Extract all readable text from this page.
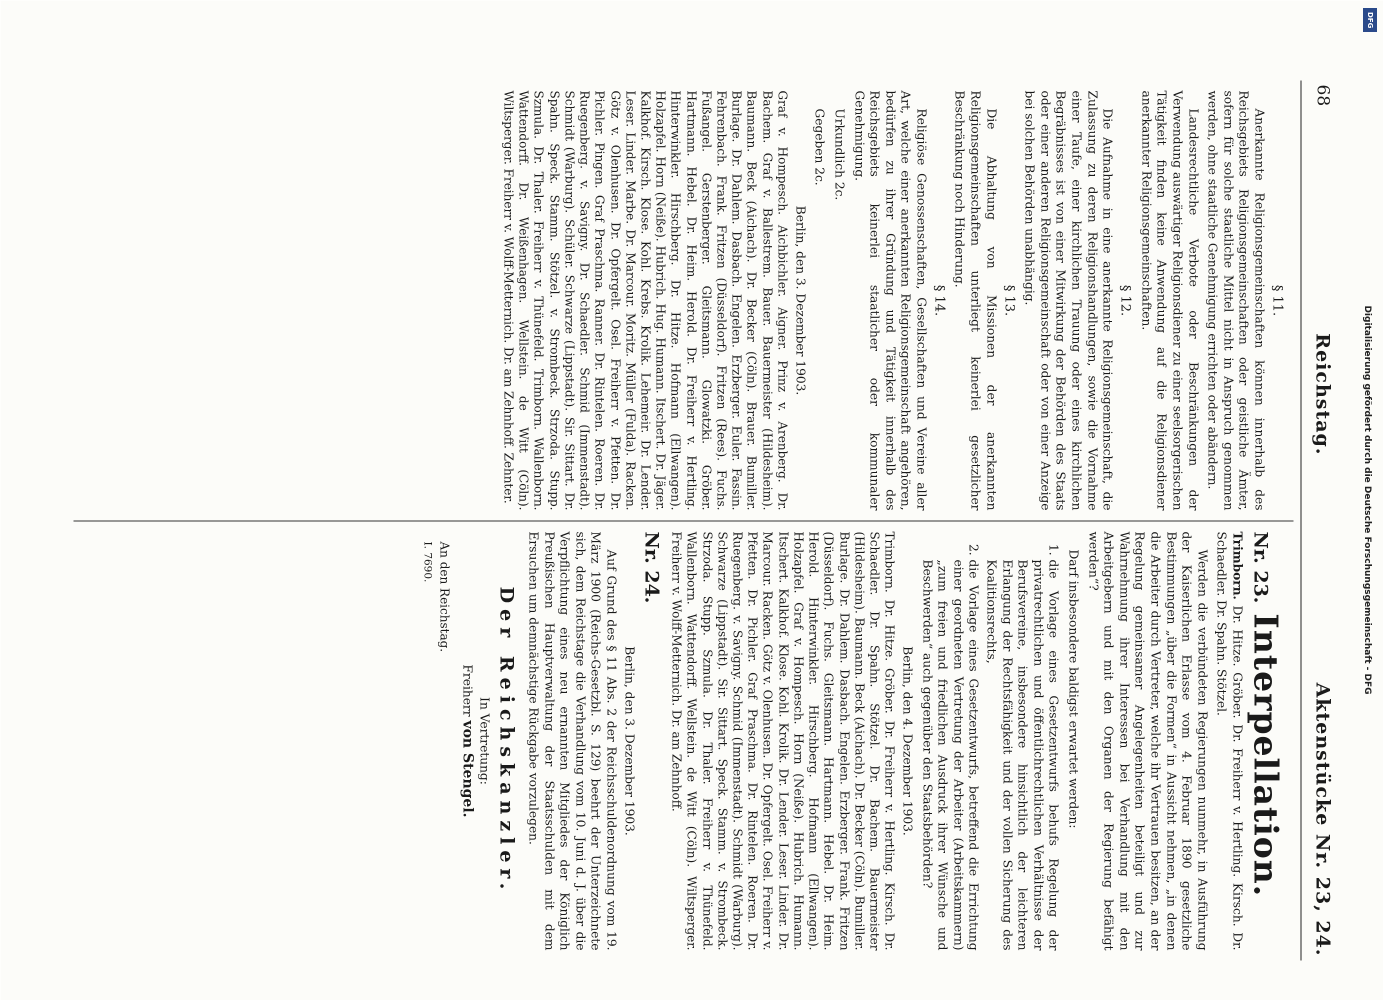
68
Reichstag.
Aktenstücke Nr. 23, 24.
§ 11.

Anerkannte Religionsgemeinschaften können innerhalb des Reichsgebiets Religionsgemeinschaften oder geistliche Ämter, sofern für solche staatliche Mittel nicht in Anspruch genommen werden, ohne staatliche Genehmigung errichten oder abändern.

Landesrechtliche Verbote oder Beschränkungen der Verwendung auswärtiger Religionsdiener zu einer seelsorgerischen Tätigkeit finden keine Anwendung auf die Religionsdiener anerkannter Religionsgemeinschaften.

§ 12.

Die Aufnahme in eine anerkannte Religionsgemeinschaft, die Zulassung zu deren Religionshandlungen, sowie die Vornahme einer Taufe, einer kirchlichen Trauung oder eines kirchlichen Begräbnisses ist von einer Mitwirkung der Behörden des Staats oder einer anderen Religionsgemeinschaft oder von einer Anzeige bei solchen Behörden unabhängig.

§ 13.

Die Abhaltung von Missionen der anerkannten Religionsgemeinschaften unterliegt keinerlei gesetzlicher Beschränkung noch Hinderung.

§ 14.

Religiöse Genossenschaften, Gesellschaften und Vereine aller Art, welche einer anerkannten Religionsgemeinschaft angehören, bedürfen zu ihrer Gründung und Tätigkeit innerhalb des Reichsgebiets keinerlei staatlicher oder kommunaler Genehmigung.

Urkundlich 2c.

Gegeben 2c.

Berlin, den 3. Dezember 1903.
Graf v. Hompesch. Aichbichler. Aigner. Prinz v. Arenberg. Dr. Bachem. Graf v. Ballestrem. Bauer. Bauermeister (Hildesheim). Baumann. Beck (Aichach). Dr. Becker (Cöln). Brauer. Bumiller. Burlage. Dr. Dahlem. Dasbach. Engelen. Erzberger. Euler. Fassin. Fehrenbach. Frank. Fritzen (Düsseldorf). Fritzen (Rees). Fuchs. Fußangel. Gerstenberger. Gleitsmann. Glowatzki. Gröber. Hartmann. Hebel. Dr. Heim. Herold. Dr. Freiherr v. Hertling. Hinterwinkler. Hirschberg. Dr. Hitze. Hofmann (Ellwangen). Holzapfel. Horn (Neiße). Hubrich. Hug. Humann. Itschert. Dr. Jäger. Kalkhof. Kirsch. Klose. Kohl. Krebs. Krolik. Lehemeir. Dr. Lender. Leser. Linder. Marbe. Dr. Marcour. Moritz. Müller (Fulda). Racken. Götz v. Olenhusen. Dr. Opfergelt. Osel. Freiherr v. Pfetten. Dr. Pichler. Pingen. Graf Praschma. Ranner. Dr. Rintelen. Roeren. Dr. Ruegenberg. v. Savigny. Dr. Schaedler. Schmid (Immenstadt). Schmidt (Warburg). Schüler. Schwarze (Lippstadt). Sir. Sittart. Dr. Spahn. Speck. Stamm. Stötzel. v. Strombeck. Strzoda. Stupp. Szmula. Dr. Thaler. Freiherr v. Thünefeld. Trimborn. Wallenborn. Wattendorff. Dr. Weißenhagen. Wellstein. de Witt (Cöln). Wiltsperger. Freiherr v. Wolff-Metternich. Dr. am Zehnhoff. Zehnter.
Nr. 23.
Interpellation.
Trimborn. Dr. Hitze. Gröber. Dr. Freiherr v. Hertling. Kirsch. Dr. Schaedler. Dr. Spahn. Stötzel.

Werden die verbündeten Regierungen nunmehr, in Ausführung der Kaiserlichen Erlasse vom 4. Februar 1890 gesetzliche Bestimmungen „über die Formen“ in Aussicht nehmen, „in denen die Arbeiter durch Vertreter, welche ihr Vertrauen besitzen, an der Regelung gemeinsamer Angelegenheiten beteiligt und zur Wahrnehmung ihrer Interessen bei Verhandlung mit den Arbeitgebern und mit den Organen der Regierung befähigt werden“?

Darf insbesondere baldigst erwartet werden:

1. die Vorlage eines Gesetzentwurfs behufs Regelung der privatrechtlichen und öffentlichrechtlichen Verhältnisse der Berufsvereine, insbesondere hinsichtlich der leichteren Erlangung der Rechtsfähigkeit und der vollen Sicherung des Koalitionsrechts,
2. die Vorlage eines Gesetzentwurfs, betreffend die Errichtung einer geordneten Vertretung der Arbeiter (Arbeitskammern) „zum freien und friedlichen Ausdruck ihrer Wünsche und Beschwerden“ auch gegenüber den Staatsbehörden?
Berlin, den 4. Dezember 1903.
Trimborn. Dr. Hitze. Gröber. Dr. Freiherr v. Hertling. Kirsch. Dr. Schaedler. Dr. Spahn. Stötzel. Dr. Bachem. Bauermeister (Hildesheim). Baumann. Beck (Aichach). Dr. Becker (Cöln). Bumiller. Burlage. Dr. Dahlem. Dasbach. Engelen. Erzberger. Frank. Fritzen (Düsseldorf). Fuchs. Gleitsmann. Hartmann. Hebel. Dr. Heim. Herold. Hinterwinkler. Hirschberg. Hofmann (Ellwangen). Holzapfel. Graf v. Hompesch. Horn (Neiße). Hubrich. Humann. Itschert. Kalkhof. Klose. Kohl. Krolik. Dr. Lender. Leser. Linder. Dr. Marcour. Racken. Götz v. Olenhusen. Dr. Opfergelt. Osel. Freiherr v. Pfetten. Dr. Pichler. Graf Praschma. Dr. Rintelen. Roeren. Dr. Ruegenberg. v. Savigny. Schmid (Immenstadt). Schmidt (Warburg). Schwarze (Lippstadt). Sir. Sittart. Speck. Stamm. v. Strombeck. Strzoda. Stupp. Szmula. Dr. Thaler. Freiherr v. Thünefeld. Wallenborn. Wattendorff. Wellstein. de Witt (Cöln). Wiltsperger. Freiherr v. Wolff-Metternich. Dr. am Zehnhoff.
Nr. 24.
Berlin, den 3. Dezember 1903.

Auf Grund des § 11 Abs. 2 der Reichsschuldenordnung vom 19. März 1900 (Reichs-Gesetzbl. S. 129) beehrt der Unterzeichnete sich, dem Reichstage die Verhandlung vom 10. Juni d. J. über die Verpflichtung eines neu ernannten Mitgliedes der Königlich Preußischen Hauptverwaltung der Staatsschulden mit dem Ersuchen um demnächstige Rückgabe vorzulegen.

Der Reichskanzler.
In Vertretung:
Freiherr von Stengel.
An den Reichstag.
I. 7690.
DFG
Digitalisierung gefördert durch die Deutsche Forschungsgemeinschaft - DFG
